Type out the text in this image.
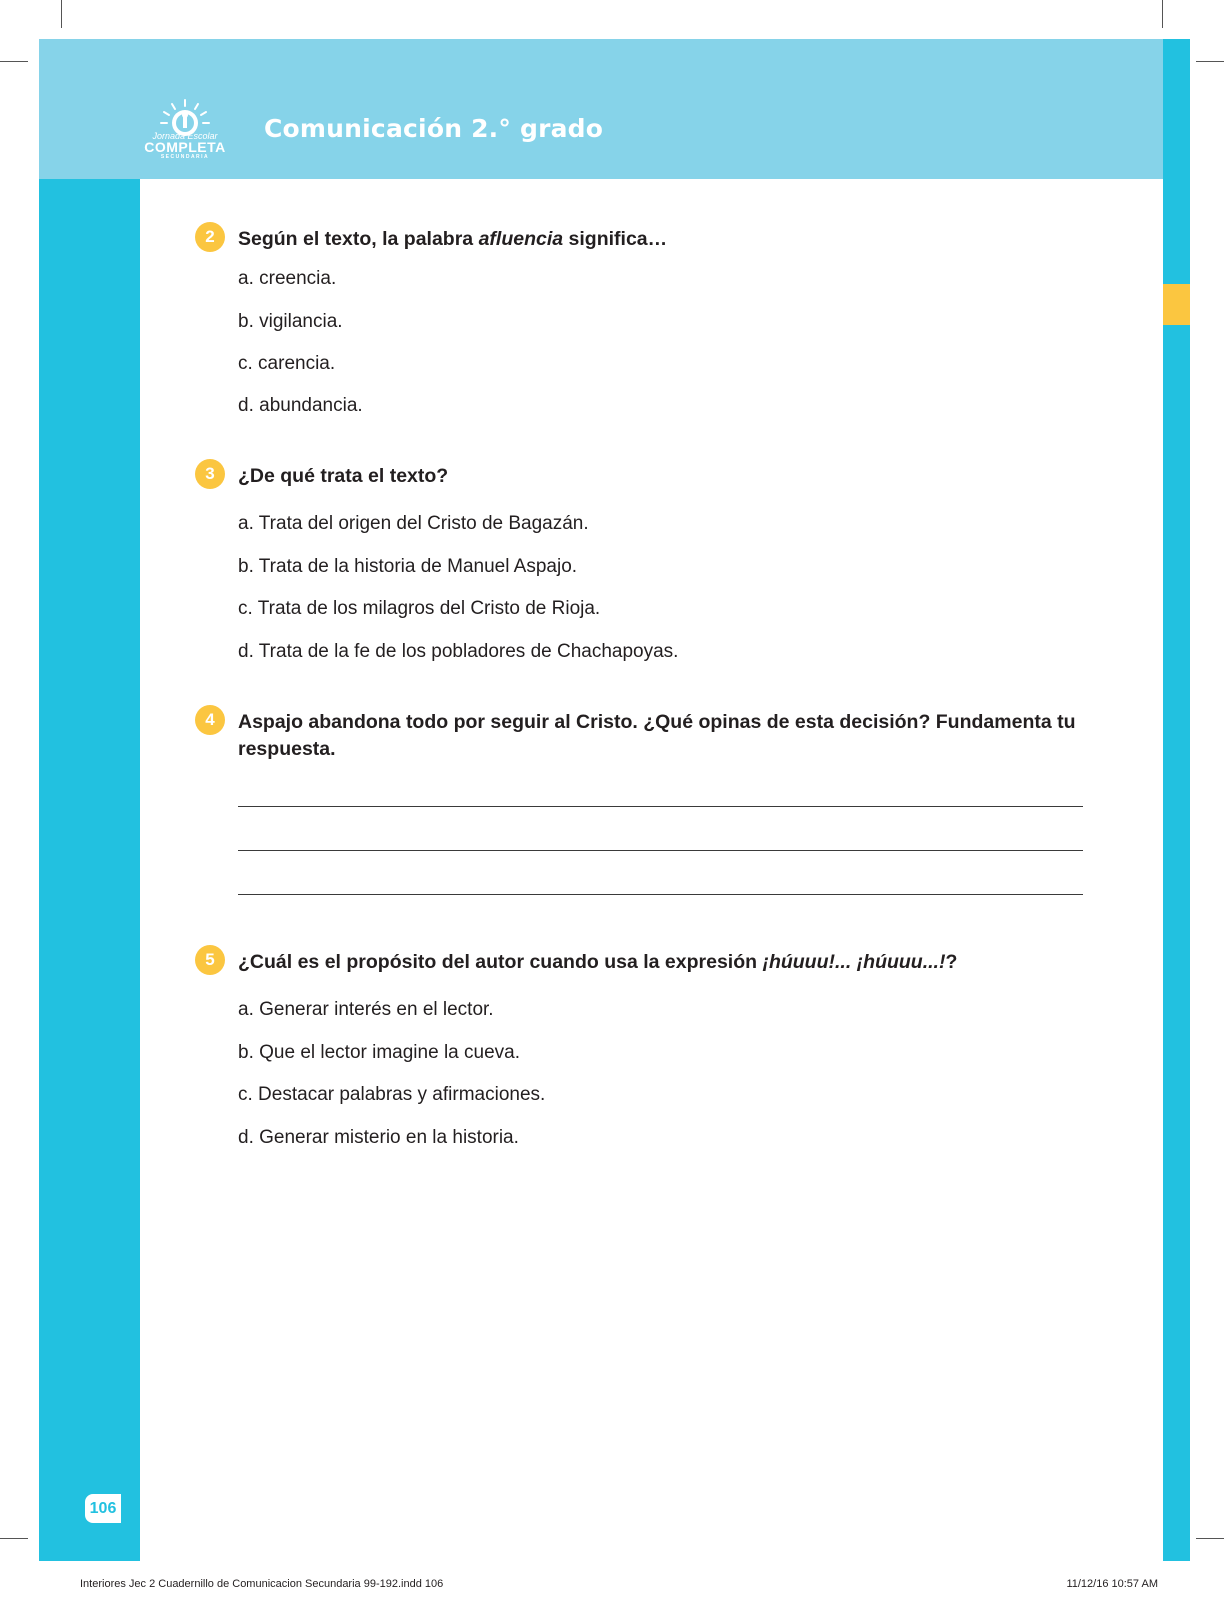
Jornada Escolar
COMPLETA
SECUNDARIA
Comunicación 2.° grado
2	Según el texto, la palabra afluencia significa…
a. creencia.
b. vigilancia.
c. carencia.
d. abundancia.
3	¿De qué trata el texto?
a. Trata del origen del Cristo de Bagazán.
b. Trata de la historia de Manuel Aspajo.
c. Trata de los milagros del Cristo de Rioja.
d. Trata de la fe de los pobladores de Chachapoyas.
4	Aspajo abandona todo por seguir al Cristo. ¿Qué opinas de esta decisión? Fundamenta tu respuesta.
5	¿Cuál es el propósito del autor cuando usa la expresión ¡húuuu!... ¡húuuu...!?
a. Generar interés en el lector.
b. Que el lector imagine la cueva.
c. Destacar palabras y afirmaciones.
d. Generar misterio en la historia.
106
Interiores Jec 2 Cuadernillo de Comunicacion Secundaria 99-192.indd 106	11/12/16 10:57 AM
